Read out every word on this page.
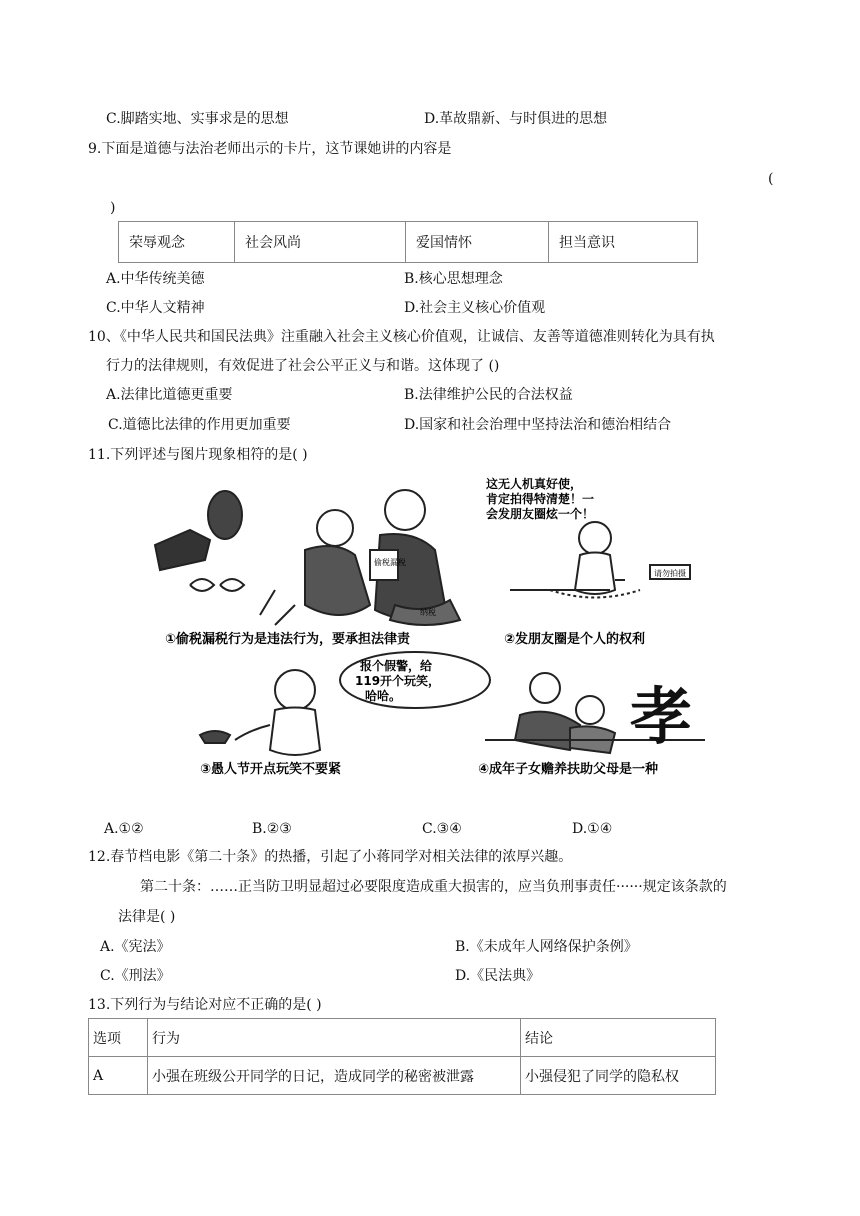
C.脚踏实地、实事求是的思想	D.革故鼎新、与时俱进的思想
9.下面是道德与法治老师出示的卡片，这节课她讲的内容是
(
)
荣辱观念	社会风尚	爱国情怀	担当意识
A.中华传统美德	B.核心思想理念
C.中华人文精神	D.社会主义核心价值观
10、《中华人民共和国民法典》注重融入社会主义核心价值观，让诚信、友善等道德准则转化为具有执
行力的法律规则，有效促进了社会公平正义与和谐。这体现了 ()
A.法律比道德更重要	B.法律维护公民的合法权益
C.道德比法律的作用更加重要	D.国家和社会治理中坚持法治和德治相结合
11.下列评述与图片现象相符的是( )
偷税漏税
纳税
①偷税漏税行为是违法行为，要承担法律责
这无人机真好使，
肯定拍得特清楚！一
会发朋友圈炫一个！
请勿拍摄
②发朋友圈是个人的权利
报个假警，给
119开个玩笑，
哈哈。
③愚人节开点玩笑不要紧
孝
④成年子女赡养扶助父母是一种
A.①②	B.②③	C.③④	D.①④
12.春节档电影《第二十条》的热播，引起了小蒋同学对相关法律的浓厚兴趣。
第二十条：……正当防卫明显超过必要限度造成重大损害的，应当负刑事责任······规定该条款的
法律是( )
A.《宪法》	B.《未成年人网络保护条例》
C.《刑法》	D.《民法典》
13.下列行为与结论对应不正确的是( )
选项	行为	结论
A	小强在班级公开同学的日记，造成同学的秘密被泄露	小强侵犯了同学的隐私权
